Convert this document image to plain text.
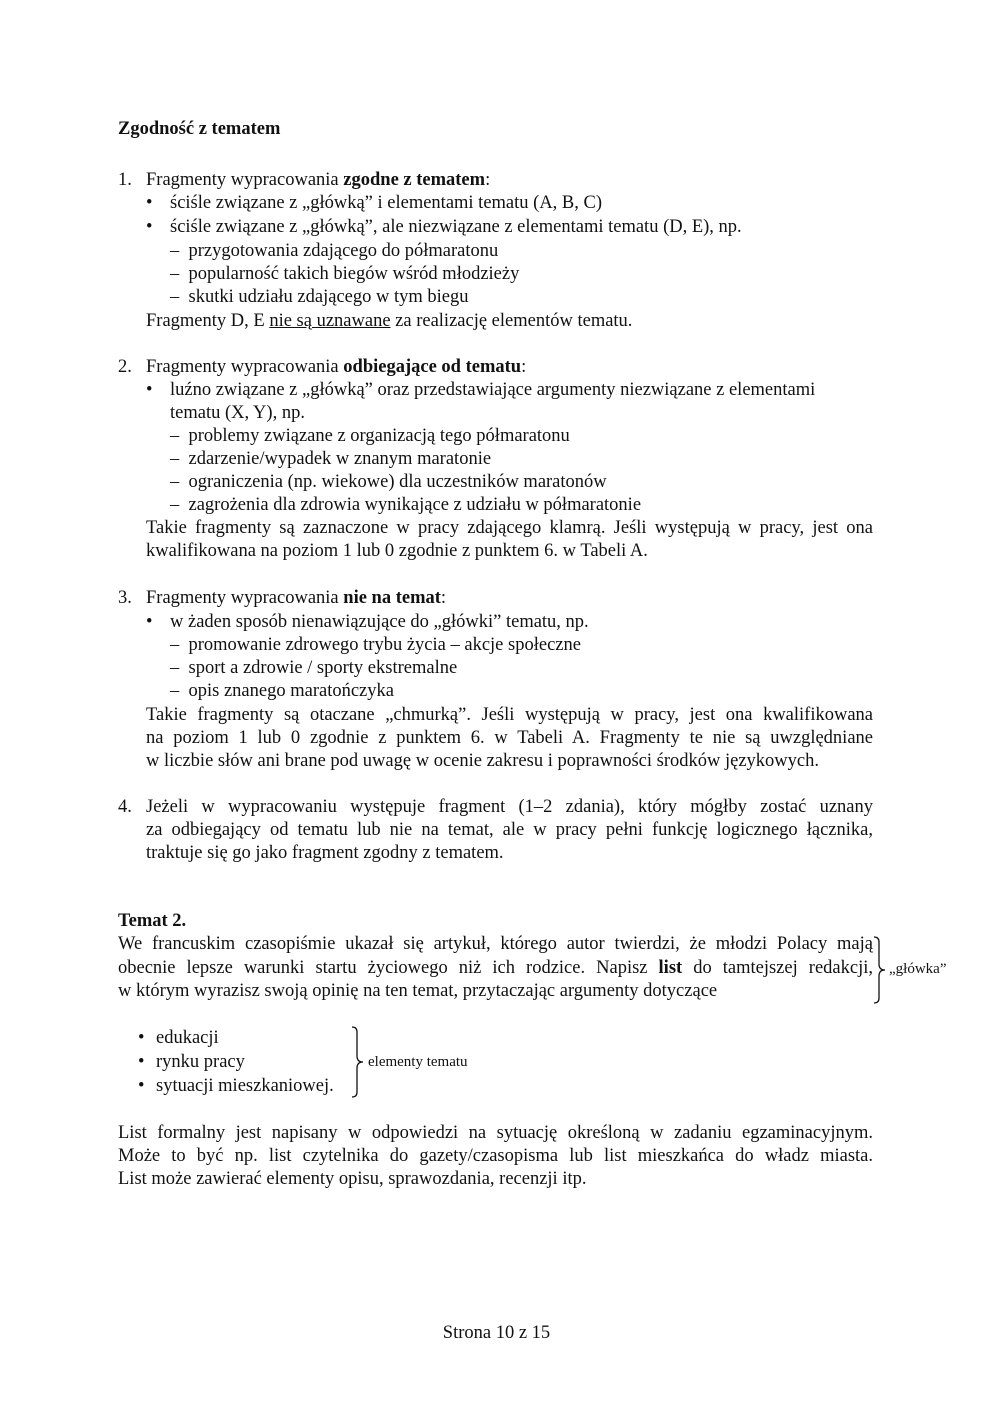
Zgodność z tematem
1. Fragmenty wypracowania zgodne z tematem:
• ściśle związane z „główką” i elementami tematu (A, B, C)
• ściśle związane z „główką”, ale niezwiązane z elementami tematu (D, E), np.
–  przygotowania zdającego do półmaratonu
–  popularność takich biegów wśród młodzieży
–  skutki udziału zdającego w tym biegu
Fragmenty D, E nie są uznawane za realizację elementów tematu.
2. Fragmenty wypracowania odbiegające od tematu:
• luźno związane z „główką” oraz przedstawiające argumenty niezwiązane z elementami
tematu (X, Y), np.
–  problemy związane z organizacją tego półmaratonu
–  zdarzenie/wypadek w znanym maratonie
–  ograniczenia (np. wiekowe) dla uczestników maratonów
–  zagrożenia dla zdrowia wynikające z udziału w półmaratonie
Takie fragmenty są zaznaczone w pracy zdającego klamrą. Jeśli występują w pracy, jest ona
kwalifikowana na poziom 1 lub 0 zgodnie z punktem 6. w Tabeli A.
3. Fragmenty wypracowania nie na temat:
• w żaden sposób nienawiązujące do „główki” tematu, np.
–  promowanie zdrowego trybu życia – akcje społeczne
–  sport a zdrowie / sporty ekstremalne
–  opis znanego maratończyka
Takie fragmenty są otaczane „chmurką”. Jeśli występują w pracy, jest ona kwalifikowana
na poziom 1 lub 0 zgodnie z punktem 6. w Tabeli A. Fragmenty te nie są uwzględniane
w liczbie słów ani brane pod uwagę w ocenie zakresu i poprawności środków językowych.
4. Jeżeli w wypracowaniu występuje fragment (1–2 zdania), który mógłby zostać uznany
za odbiegający od tematu lub nie na temat, ale w pracy pełni funkcję logicznego łącznika,
traktuje się go jako fragment zgodny z tematem.
Temat 2.
We francuskim czasopiśmie ukazał się artykuł, którego autor twierdzi, że młodzi Polacy mają
obecnie lepsze warunki startu życiowego niż ich rodzice. Napisz list do tamtejszej redakcji,
w którym wyrazisz swoją opinię na ten temat, przytaczając argumenty dotyczące
„główka”
• edukacji
• rynku pracy
• sytuacji mieszkaniowej.
elementy tematu
List formalny jest napisany w odpowiedzi na sytuację określoną w zadaniu egzaminacyjnym.
Może to być np. list czytelnika do gazety/czasopisma lub list mieszkańca do władz miasta.
List może zawierać elementy opisu, sprawozdania, recenzji itp.
Strona 10 z 15
